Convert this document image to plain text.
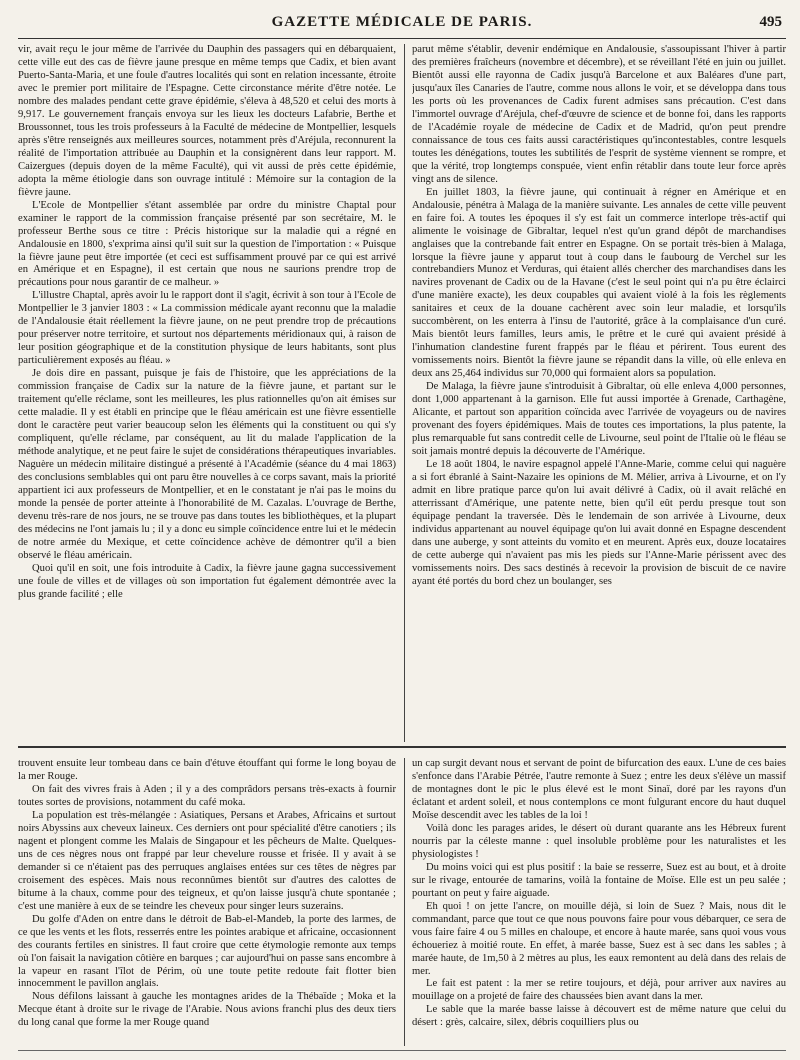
GAZETTE MÉDICALE DE PARIS.	495

vir, avait reçu le jour même de l'arrivée du Dauphin des passagers qui en débarquaient, cette ville eut des cas de fièvre jaune presque en même temps que Cadix, et bien avant Puerto-Santa-Maria, et une foule d'autres localités qui sont en relation incessante, étroite avec le premier port militaire de l'Espagne. Cette circonstance mérite d'être notée. Le nombre des malades pendant cette grave épidémie, s'éleva à 48,520 et celui des morts à 9,917. Le gouvernement français envoya sur les lieux les docteurs Lafabrie, Berthe et Broussonnet, tous les trois professeurs à la Faculté de médecine de Montpellier, lesquels après s'être renseignés aux meilleures sources, notamment près d'Aréjula, reconnurent la réalité de l'importation attribuée au Dauphin et la consignèrent dans leur rapport. M. Caizergues (depuis doyen de la même Faculté), qui vit aussi de près cette épidémie, adopta la même étiologie dans son ouvrage intitulé : Mémoire sur la contagion de la fièvre jaune.

L'Ecole de Montpellier s'étant assemblée par ordre du ministre Chaptal pour examiner le rapport de la commission française présenté par son secrétaire, M. le professeur Berthe sous ce titre : Précis historique sur la maladie qui a régné en Andalousie en 1800, s'exprima ainsi qu'il suit sur la question de l'importation : « Puisque la fièvre jaune peut être importée (et ceci est suffisamment prouvé par ce qui est arrivé en Amérique et en Espagne), il est certain que nous ne saurions prendre trop de précautions pour nous garantir de ce malheur. »

L'illustre Chaptal, après avoir lu le rapport dont il s'agit, écrivit à son tour à l'Ecole de Montpellier le 3 janvier 1803 : « La commission médicale ayant reconnu que la maladie de l'Andalousie était réellement la fièvre jaune, on ne peut prendre trop de précautions pour préserver notre territoire, et surtout nos départements méridionaux qui, à raison de leur position géographique et de la constitution physique de leurs habitants, sont plus particulièrement exposés au fléau. »

Je dois dire en passant, puisque je fais de l'histoire, que les appréciations de la commission française de Cadix sur la nature de la fièvre jaune, et partant sur le traitement qu'elle réclame, sont les meilleures, les plus rationnelles qu'on ait émises sur cette maladie. Il y est établi en principe que le fléau américain est une fièvre essentielle dont le caractère peut varier beaucoup selon les éléments qui la constituent ou qui s'y compliquent, qu'elle réclame, par conséquent, au lit du malade l'application de la méthode analytique, et ne peut faire le sujet de considérations thérapeutiques invariables. Naguère un médecin militaire distingué a présenté à l'Académie (séance du 4 mai 1863) des conclusions semblables qui ont paru être nouvelles à ce corps savant, mais la priorité appartient ici aux professeurs de Montpellier, et en le constatant je n'ai pas le moins du monde la pensée de porter atteinte à l'honorabilité de M. Cazalas. L'ouvrage de Berthe, devenu très-rare de nos jours, ne se trouve pas dans toutes les bibliothèques, et la plupart des médecins ne l'ont jamais lu ; il y a donc eu simple coïncidence entre lui et le médecin de notre armée du Mexique, et cette coïncidence achève de démontrer qu'il a bien observé le fléau américain.

Quoi qu'il en soit, une fois introduite à Cadix, la fièvre jaune gagna successivement une foule de villes et de villages où son importation fut également démontrée avec la plus grande facilité ; elle

parut même s'établir, devenir endémique en Andalousie, s'assoupissant l'hiver à partir des premières fraîcheurs (novembre et décembre), et se réveillant l'été en juin ou juillet. Bientôt aussi elle rayonna de Cadix jusqu'à Barcelone et aux Baléares d'une part, jusqu'aux îles Canaries de l'autre, comme nous allons le voir, et se développa dans tous les ports où les provenances de Cadix furent admises sans précaution. C'est dans l'immortel ouvrage d'Aréjula, chef-d'œuvre de science et de bonne foi, dans les rapports de l'Académie royale de médecine de Cadix et de Madrid, qu'on peut prendre connaissance de tous ces faits aussi caractéristiques qu'incontestables, contre lesquels toutes les dénégations, toutes les subtilités de l'esprit de système viennent se rompre, et que la vérité, trop longtemps conspuée, vient enfin rétablir dans toute leur force après vingt ans de silence.

En juillet 1803, la fièvre jaune, qui continuait à régner en Amérique et en Andalousie, pénétra à Malaga de la manière suivante. Les annales de cette ville peuvent en faire foi. A toutes les époques il s'y est fait un commerce interlope très-actif qui alimente le voisinage de Gibraltar, lequel n'est qu'un grand dépôt de marchandises anglaises que la contrebande fait entrer en Espagne. On se portait très-bien à Malaga, lorsque la fièvre jaune y apparut tout à coup dans le faubourg de Verchel sur les contrebandiers Munoz et Verduras, qui étaient allés chercher des marchandises dans les navires provenant de Cadix ou de la Havane (c'est le seul point qui n'a pu être éclairci d'une manière exacte), les deux coupables qui avaient violé à la fois les règlements sanitaires et ceux de la douane cachèrent avec soin leur maladie, et lorsqu'ils succombèrent, on les enterra à l'insu de l'autorité, grâce à la complaisance d'un curé. Mais bientôt leurs familles, leurs amis, le prêtre et le curé qui avaient présidé à l'inhumation clandestine furent frappés par le fléau et périrent. Tous eurent des vomissements noirs. Bientôt la fièvre jaune se répandit dans la ville, où elle enleva en deux ans 25,464 individus sur 70,000 qui formaient alors sa population.

De Malaga, la fièvre jaune s'introduisit à Gibraltar, où elle enleva 4,000 personnes, dont 1,000 appartenant à la garnison. Elle fut aussi importée à Grenade, Carthagène, Alicante, et partout son apparition coïncida avec l'arrivée de voyageurs ou de navires provenant des foyers épidémiques. Mais de toutes ces importations, la plus patente, la plus remarquable fut sans contredit celle de Livourne, seul point de l'Italie où le fléau se soit jamais montré depuis la découverte de l'Amérique.

Le 18 août 1804, le navire espagnol appelé l'Anne-Marie, comme celui qui naguère a si fort ébranlé à Saint-Nazaire les opinions de M. Mélier, arriva à Livourne, et on l'y admit en libre pratique parce qu'on lui avait délivré à Cadix, où il avait relâché en atterrissant d'Amérique, une patente nette, bien qu'il eût perdu presque tout son équipage pendant la traversée. Dès le lendemain de son arrivée à Livourne, deux individus appartenant au nouvel équipage qu'on lui avait donné en Espagne descendent dans une auberge, y sont atteints du vomito et en meurent. Après eux, douze locataires de cette auberge qui n'avaient pas mis les pieds sur l'Anne-Marie périssent avec des vomissements noirs. Des sacs destinés à recevoir la provision de biscuit de ce navire ayant été portés du bord chez un boulanger, ses

trouvent ensuite leur tombeau dans ce bain d'étuve étouffant qui forme le long boyau de la mer Rouge.

On fait des vivres frais à Aden ; il y a des comprâdors persans très-exacts à fournir toutes sortes de provisions, notamment du café moka.

La population est très-mélangée : Asiatiques, Persans et Arabes, Africains et surtout noirs Abyssins aux cheveux laineux. Ces derniers ont pour spécialité d'être canotiers ; ils nagent et plongent comme les Malais de Singapour et les pêcheurs de Malte. Quelques-uns de ces nègres nous ont frappé par leur chevelure rousse et frisée. Il y avait à se demander si ce n'étaient pas des perruques anglaises entées sur ces têtes de nègres par croisement des espèces. Mais nous reconnûmes bientôt sur d'autres des calottes de bitume à la chaux, comme pour des teigneux, et qu'on laisse jusqu'à chute spontanée ; c'est une manière à eux de se teindre les cheveux pour singer leurs suzerains.

Du golfe d'Aden on entre dans le détroit de Bab-el-Mandeb, la porte des larmes, de ce que les vents et les flots, resserrés entre les pointes arabique et africaine, occasionnent des courants fertiles en sinistres. Il faut croire que cette étymologie remonte aux temps où l'on faisait la navigation côtière en barques ; car aujourd'hui on passe sans encombre à la vapeur en rasant l'îlot de Périm, où une toute petite redoute fait flotter bien innocemment le pavillon anglais.

Nous défilons laissant à gauche les montagnes arides de la Thébaïde ; Moka et la Mecque étant à droite sur le rivage de l'Arabie. Nous avions franchi plus des deux tiers du long canal que forme la mer Rouge quand

un cap surgit devant nous et servant de point de bifurcation des eaux. L'une de ces baies s'enfonce dans l'Arabie Pétrée, l'autre remonte à Suez ; entre les deux s'élève un massif de montagnes dont le pic le plus élevé est le mont Sinaï, doré par les rayons d'un éclatant et ardent soleil, et nous contemplons ce mont fulgurant encore du haut duquel Moïse descendit avec les tables de la loi !

Voilà donc les parages arides, le désert où durant quarante ans les Hébreux furent nourris par la céleste manne : quel insoluble problème pour les naturalistes et les physiologistes !

Du moins voici qui est plus positif : la baie se resserre, Suez est au bout, et à droite sur le rivage, entourée de tamarins, voilà la fontaine de Moïse. Elle est un peu salée ; pourtant on peut y faire aiguade.

Eh quoi ! on jette l'ancre, on mouille déjà, si loin de Suez ? Mais, nous dit le commandant, parce que tout ce que nous pouvons faire pour vous débarquer, ce sera de vous faire faire 4 ou 5 milles en chaloupe, et encore à haute marée, sans quoi vous vous échoueriez à moitié route. En effet, à marée basse, Suez est à sec dans les sables ; à marée haute, de 1m,50 à 2 mètres au plus, les eaux remontent au delà dans des relais de mer.

Le fait est patent : la mer se retire toujours, et déjà, pour arriver aux navires au mouillage on a projeté de faire des chaussées bien avant dans la mer.

Le sable que la marée basse laisse à découvert est de même nature que celui du désert : grès, calcaire, silex, débris coquilliers plus ou
